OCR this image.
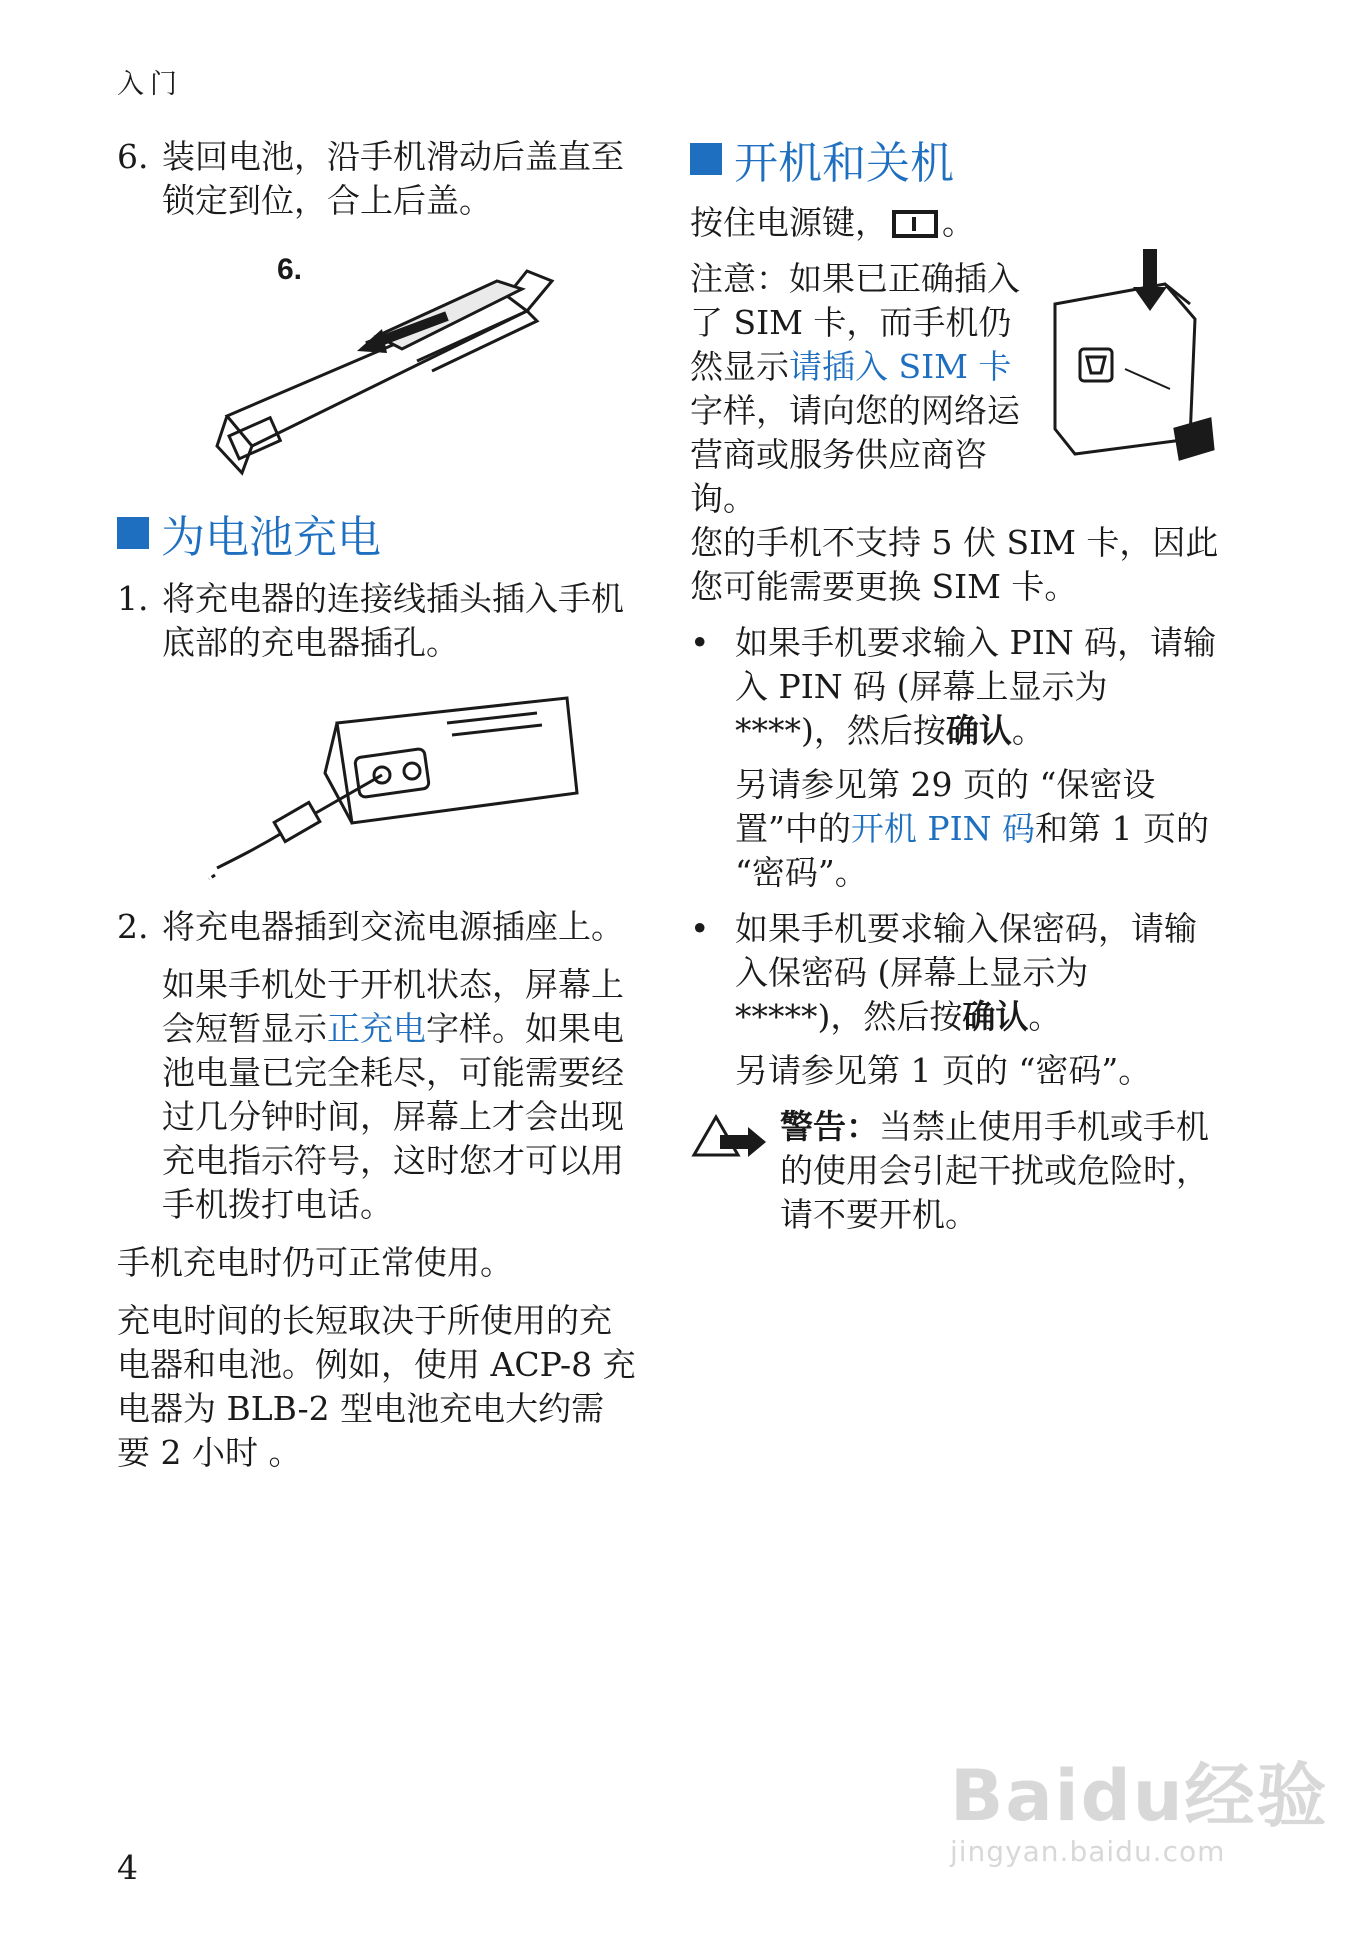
入门
6. 装回电池，沿手机滑动后盖直至锁定到位，合上后盖。
6.
为电池充电
1. 将充电器的连接线插头插入手机底部的充电器插孔。
2. 将充电器插到交流电源插座上。

如果手机处于开机状态，屏幕上会短暂显示正充电字样。如果电池电量已完全耗尽，可能需要经过几分钟时间，屏幕上才会出现充电指示符号，这时您才可以用手机拨打电话。

手机充电时仍可正常使用。

充电时间的长短取决于所使用的充电器和电池。例如，使用 ACP-8 充电器为 BLB-2 型电池充电大约需要 2 小时 。

开机和关机

按住电源键， 。

注意：如果已正确插入了 SIM 卡，而手机仍然显示请插入 SIM 卡字样，请向您的网络运营商或服务供应商咨询。

您的手机不支持 5 伏 SIM 卡，因此您可能需要更换 SIM 卡。

• 如果手机要求输入 PIN 码，请输入 PIN 码 (屏幕上显示为 ****)，然后按确认。

另请参见第 29 页的 “保密设置”中的开机 PIN 码和第 1 页的 “密码”。

• 如果手机要求输入保密码，请输入保密码 (屏幕上显示为 *****)，然后按确认。

另请参见第 1 页的 “密码”。

警告：当禁止使用手机或手机的使用会引起干扰或危险时，请不要开机。

4
Baidu经验
jingyan.baidu.com
